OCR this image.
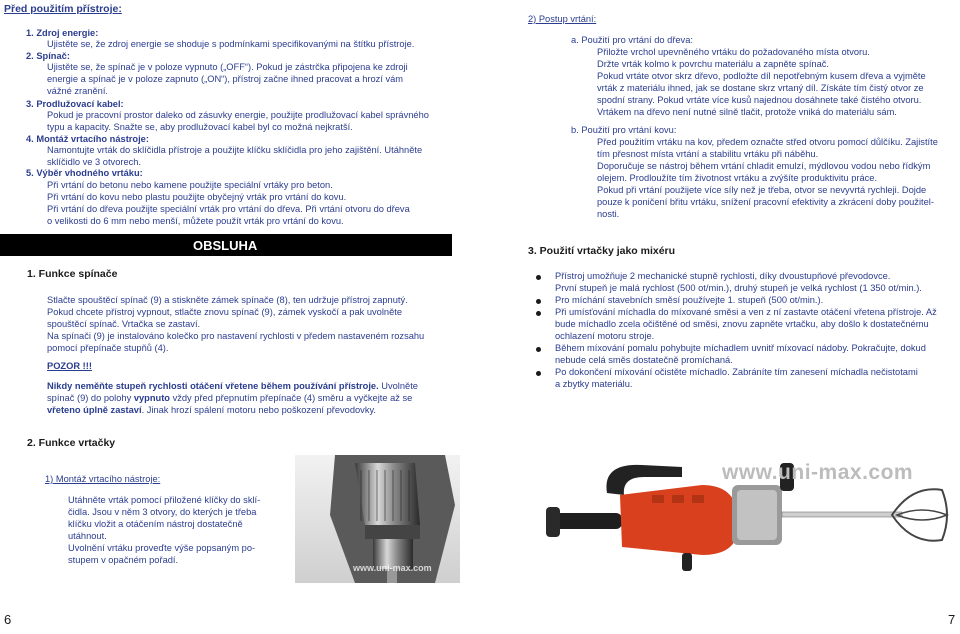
Před použitím přístroje:
1. Zdroj energie:
Ujistěte se, že zdroj energie se shoduje s podmínkami specifikovanými na štítku přístroje.
2. Spínač:
Ujistěte se, že spínač je v poloze vypnuto („OFF“). Pokud je zástrčka připojena ke zdroji
energie a spínač je v poloze zapnuto („ON“), přístroj začne ihned pracovat a hrozí vám
vážné zranění.
3. Prodlužovací kabel:
Pokud je pracovní prostor daleko od zásuvky energie, použijte prodlužovací kabel správného
typu a kapacity. Snažte se, aby prodlužovací kabel byl co možná nejkratší.
4. Montáž vrtacího nástroje:
Namontujte vrták do sklíčidla přístroje a použijte klíčku sklíčidla pro jeho zajištění. Utáhněte
sklíčidlo ve 3 otvorech.
5. Výběr vhodného vrtáku:
Při vrtání do betonu nebo kamene použijte speciální vrtáky pro beton.
Při vrtání do kovu nebo plastu použijte obyčejný vrták pro vrtání do kovu.
Při vrtání do dřeva použijte speciální vrták pro vrtání do dřeva. Při vrtání otvoru do dřeva
o velikosti do 6 mm nebo menší, můžete použít vrták pro vrtání do kovu.
2) Postup vrtání:
a. Použití pro vrtání do dřeva:
Přiložte vrchol upevněného vrtáku do požadovaného místa otvoru.
Držte vrták kolmo k povrchu materiálu a zapněte spínač.
Pokud vrtáte otvor skrz dřevo, podložte díl nepotřebným kusem dřeva a vyjměte
vrták z materiálu ihned, jak se dostane skrz vrtaný díl. Získáte tím čistý otvor ze
spodní strany. Pokud vrtáte více kusů najednou dosáhnete také čistého otvoru.
Vrtákem na dřevo není nutné silně tlačit, protože vniká do materiálu sám.
b. Použití pro vrtání kovu:
Před použitím vrtáku na kov, předem označte střed otvoru pomocí důlčíku. Zajistíte
tím přesnost místa vrtání a stabilitu vrtáku při náběhu.
Doporučuje se nástroj během vrtání chladit emulzí, mýdlovou vodou nebo řídkým
olejem. Prodloužíte tím životnost vrtáku a zvýšíte produktivitu práce.
Pokud při vrtání použijete více síly než je třeba, otvor se nevyvrtá rychleji. Dojde
pouze k poničení břitu vrtáku, snížení pracovní efektivity a zkrácení doby použitel-
nosti.
OBSLUHA
1. Funkce spínače
Stlačte spouštěcí spínač (9) a stiskněte zámek spínače (8), ten udržuje přístroj zapnutý.
Pokud chcete přístroj vypnout, stlačte znovu spínač (9), zámek vyskočí a pak uvolněte
spouštěcí spínač. Vrtačka se zastaví.
Na spínači (9) je instalováno kolečko pro nastavení rychlosti v předem nastaveném rozsahu
pomocí přepínače stupňů (4).
POZOR !!!
Nikdy neměňte stupeň rychlosti otáčení vřetene během používání přístroje. Uvolněte
spínač (9) do polohy vypnuto vždy před přepnutím přepínače (4) směru a vyčkejte až se
vřeteno úplně zastaví. Jinak hrozí spálení motoru nebo poškození převodovky.
2. Funkce vrtačky
1) Montáž vrtacího nástroje:
Utáhněte vrták pomocí přiložené klíčky do sklí-
čidla. Jsou v něm 3 otvory, do kterých je třeba
klíčku vložit a otáčením nástroj dostatečně
utáhnout.
Uvolnění vrtáku proveďte výše popsaným po-
stupem v opačném pořadí.
www.uni-max.com
3. Použití vrtačky jako mixéru
Přístroj umožňuje 2 mechanické stupně rychlosti, díky dvoustupňové převodovce.
První stupeň je malá rychlost (500 ot/min.), druhý stupeň je velká rychlost (1 350 ot/min.).
Pro míchání stavebních směsí používejte 1. stupeň (500 ot/min.).
Při umísťování míchadla do míxované směsi a ven z ní zastavte otáčení vřetena přístroje. Až
bude míchadlo zcela očištěné od směsi, znovu zapněte vrtačku, aby došlo k dostatečnému
ochlazení motoru stroje.
Během míxování pomalu pohybujte míchadlem uvnitř míxovací nádoby. Pokračujte, dokud
nebude celá směs dostatečně promíchaná.
Po dokončení míxování očistěte míchadlo. Zabráníte tím zanesení míchadla nečistotami
a zbytky materiálu.
www.uni-max.com
6	7
